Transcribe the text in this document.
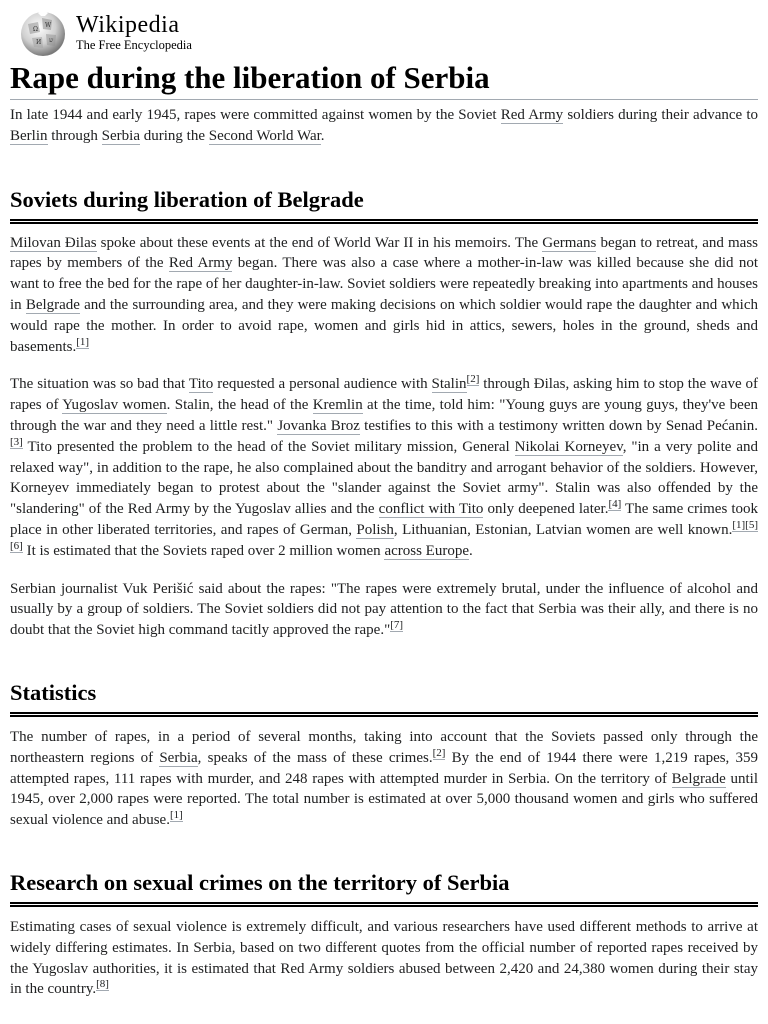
Ω
W
И ש
Wikipedia
The Free Encyclopedia
Rape during the liberation of Serbia

In late 1944 and early 1945, rapes were committed against women by the Soviet Red Army soldiers during their advance to Berlin through Serbia during the Second World War.

Soviets during liberation of Belgrade

Milovan Đilas spoke about these events at the end of World War II in his memoirs. The Germans began to retreat, and mass rapes by members of the Red Army began. There was also a case where a mother-in-law was killed because she did not want to free the bed for the rape of her daughter-in-law. Soviet soldiers were repeatedly breaking into apartments and houses in Belgrade and the surrounding area, and they were making decisions on which soldier would rape the daughter and which would rape the mother. In order to avoid rape, women and girls hid in attics, sewers, holes in the ground, sheds and basements.[1]

The situation was so bad that Tito requested a personal audience with Stalin[2] through Đilas, asking him to stop the wave of rapes of Yugoslav women. Stalin, the head of the Kremlin at the time, told him: "Young guys are young guys, they've been through the war and they need a little rest." Jovanka Broz testifies to this with a testimony written down by Senad Pećanin.[3] Tito presented the problem to the head of the Soviet military mission, General Nikolai Korneyev, "in a very polite and relaxed way", in addition to the rape, he also complained about the banditry and arrogant behavior of the soldiers. However, Korneyev immediately began to protest about the "slander against the Soviet army". Stalin was also offended by the "slandering" of the Red Army by the Yugoslav allies and the conflict with Tito only deepened later.[4] The same crimes took place in other liberated territories, and rapes of German, Polish, Lithuanian, Estonian, Latvian women are well known.[1][5][6] It is estimated that the Soviets raped over 2 million women across Europe.

Serbian journalist Vuk Perišić said about the rapes: "The rapes were extremely brutal, under the influence of alcohol and usually by a group of soldiers. The Soviet soldiers did not pay attention to the fact that Serbia was their ally, and there is no doubt that the Soviet high command tacitly approved the rape."[7]

Statistics

The number of rapes, in a period of several months, taking into account that the Soviets passed only through the northeastern regions of Serbia, speaks of the mass of these crimes.[2] By the end of 1944 there were 1,219 rapes, 359 attempted rapes, 111 rapes with murder, and 248 rapes with attempted murder in Serbia. On the territory of Belgrade until 1945, over 2,000 rapes were reported. The total number is estimated at over 5,000 thousand women and girls who suffered sexual violence and abuse.[1]

Research on sexual crimes on the territory of Serbia

Estimating cases of sexual violence is extremely difficult, and various researchers have used different methods to arrive at widely differing estimates. In Serbia, based on two different quotes from the official number of reported rapes received by the Yugoslav authorities, it is estimated that Red Army soldiers abused between 2,420 and 24,380 women during their stay in the country.[8]
